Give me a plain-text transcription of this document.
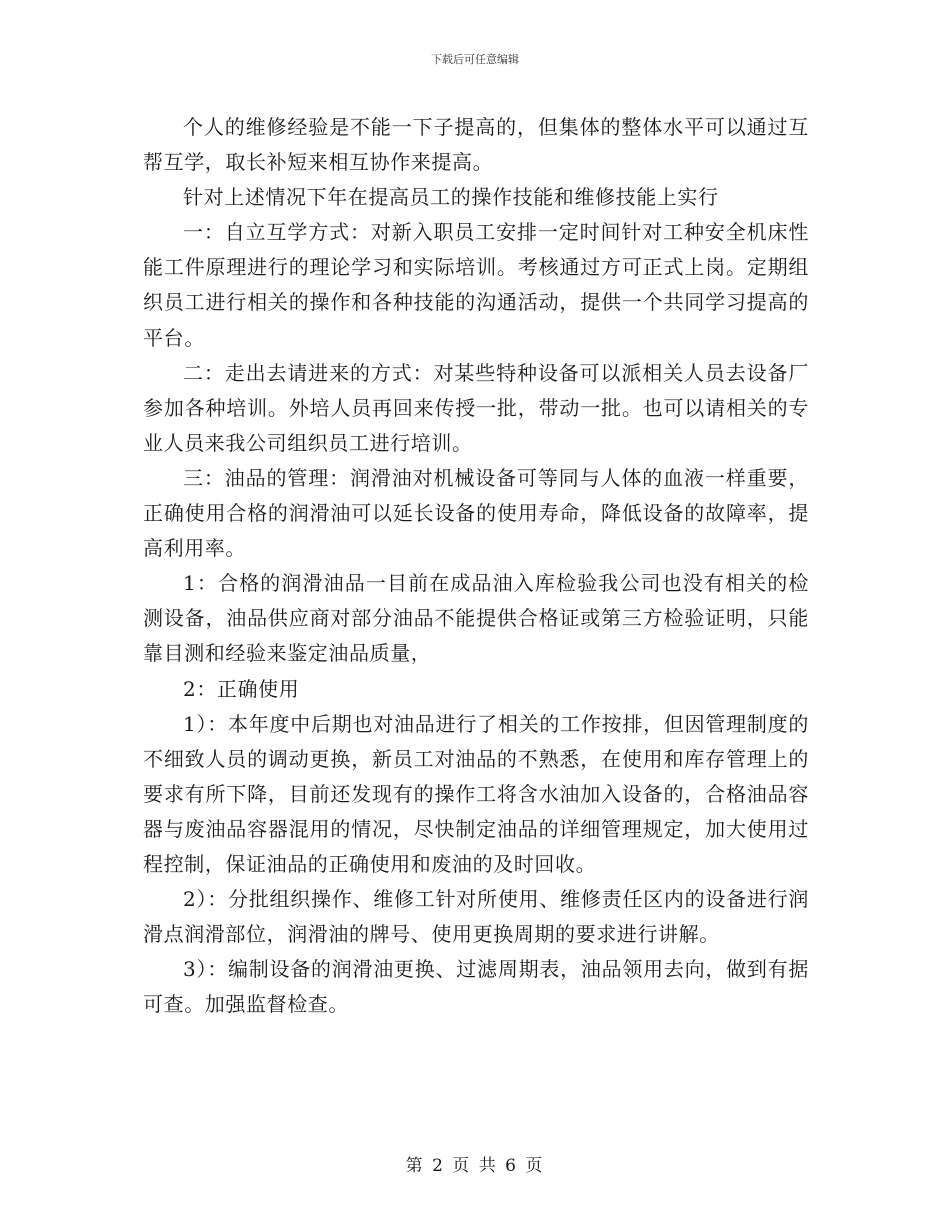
下载后可任意编辑

个人的维修经验是不能一下子提高的，但集体的整体水平可以通过互帮互学，取长补短来相互协作来提高。

针对上述情况下年在提高员工的操作技能和维修技能上实行

一：自立互学方式：对新入职员工安排一定时间针对工种安全机床性能工件原理进行的理论学习和实际培训。考核通过方可正式上岗。定期组织员工进行相关的操作和各种技能的沟通活动，提供一个共同学习提高的平台。

二：走出去请进来的方式：对某些特种设备可以派相关人员去设备厂参加各种培训。外培人员再回来传授一批，带动一批。也可以请相关的专业人员来我公司组织员工进行培训。

三：油品的管理：润滑油对机械设备可等同与人体的血液一样重要，正确使用合格的润滑油可以延长设备的使用寿命，降低设备的故障率，提高利用率。

1：合格的润滑油品一目前在成品油入库检验我公司也没有相关的检测设备，油品供应商对部分油品不能提供合格证或第三方检验证明，只能靠目测和经验来鉴定油品质量，

2：正确使用

1）：本年度中后期也对油品进行了相关的工作按排，但因管理制度的不细致人员的调动更换，新员工对油品的不熟悉，在使用和库存管理上的要求有所下降，目前还发现有的操作工将含水油加入设备的，合格油品容器与废油品容器混用的情况，尽快制定油品的详细管理规定，加大使用过程控制，保证油品的正确使用和废油的及时回收。

2）：分批组织操作、维修工针对所使用、维修责任区内的设备进行润滑点润滑部位，润滑油的牌号、使用更换周期的要求进行讲解。

3）：编制设备的润滑油更换、过滤周期表，油品领用去向，做到有据可查。加强监督检查。

第 2 页 共 6 页
